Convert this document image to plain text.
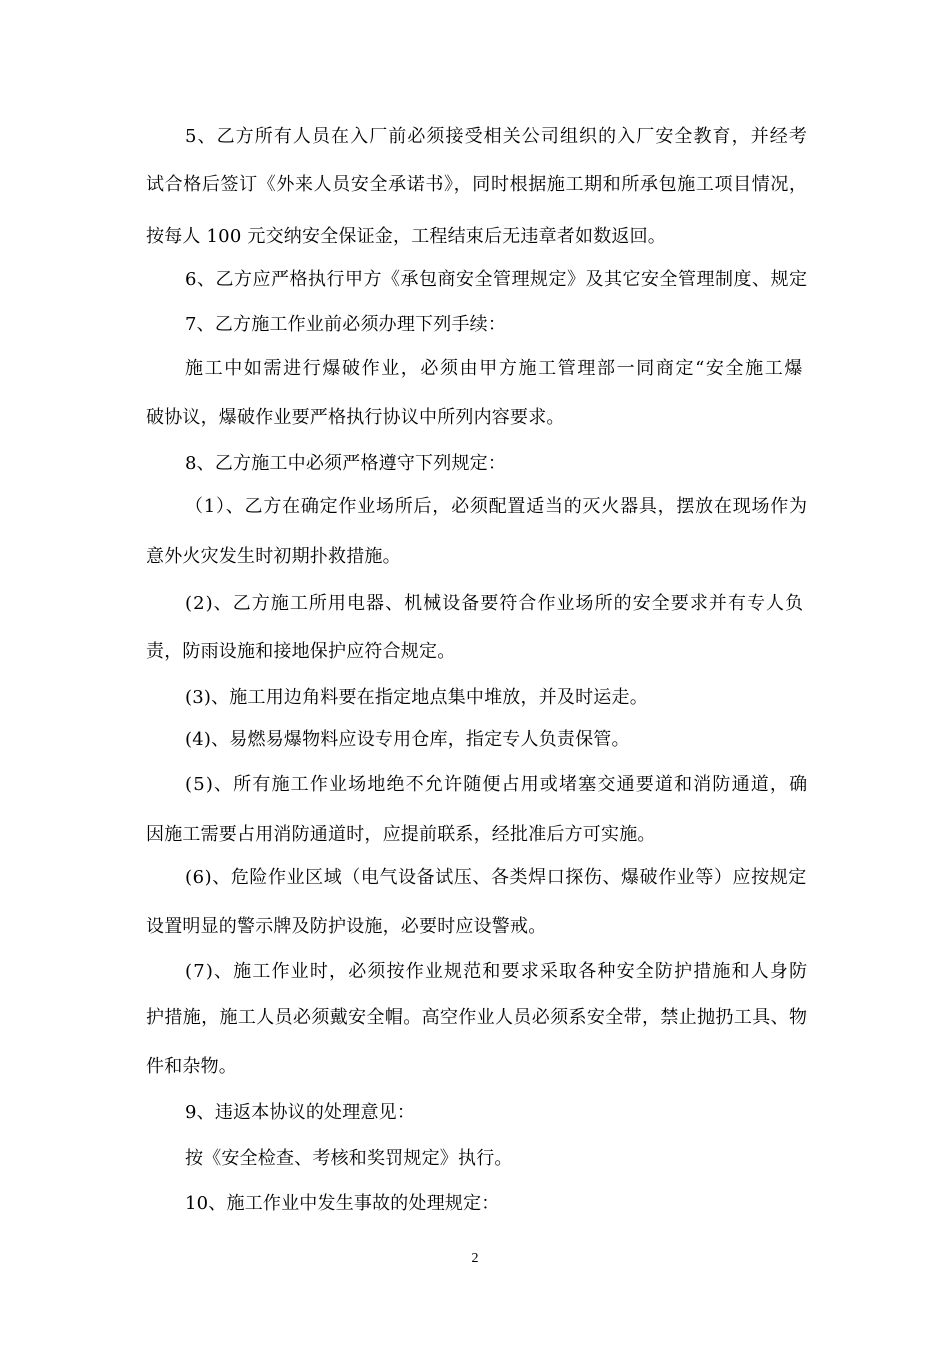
5、乙方所有人员在入厂前必须接受相关公司组织的入厂安全教育，并经考
试合格后签订《外来人员安全承诺书》，同时根据施工期和所承包施工项目情况，
按每人 100 元交纳安全保证金，工程结束后无违章者如数返回。
6、乙方应严格执行甲方《承包商安全管理规定》及其它安全管理制度、规定
7、乙方施工作业前必须办理下列手续：
施工中如需进行爆破作业，必须由甲方施工管理部一同商定“安全施工爆
破协议，爆破作业要严格执行协议中所列内容要求。
8、乙方施工中必须严格遵守下列规定：
（1）、乙方在确定作业场所后，必须配置适当的灭火器具，摆放在现场作为
意外火灾发生时初期扑救措施。
(2)、乙方施工所用电器、机械设备要符合作业场所的安全要求并有专人负
责，防雨设施和接地保护应符合规定。
(3)、施工用边角料要在指定地点集中堆放，并及时运走。
(4)、易燃易爆物料应设专用仓库，指定专人负责保管。
(5)、所有施工作业场地绝不允许随便占用或堵塞交通要道和消防通道，确
因施工需要占用消防通道时，应提前联系，经批准后方可实施。
(6)、危险作业区域（电气设备试压、各类焊口探伤、爆破作业等）应按规定
设置明显的警示牌及防护设施，必要时应设警戒。
(7)、施工作业时，必须按作业规范和要求采取各种安全防护措施和人身防
护措施，施工人员必须戴安全帽。高空作业人员必须系安全带，禁止抛扔工具、物
件和杂物。
9、违返本协议的处理意见：
按《安全检查、考核和奖罚规定》执行。
10、施工作业中发生事故的处理规定：
2
